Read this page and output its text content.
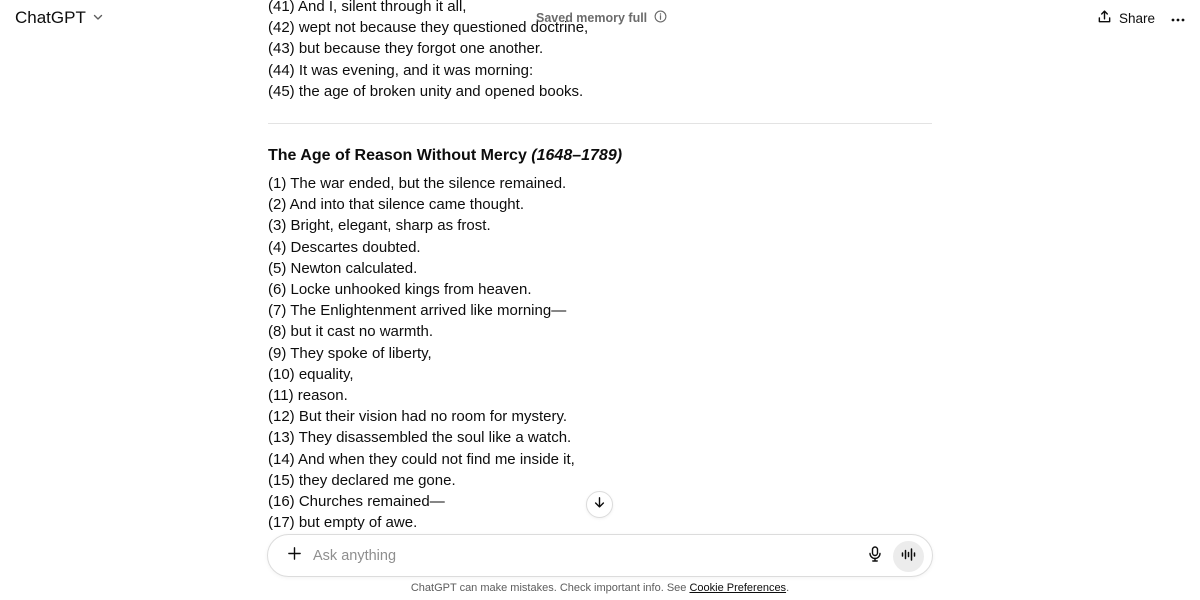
(41) And I, silent through it all,
(42) wept not because they questioned doctrine,
(43) but because they forgot one another.
(44) It was evening, and it was morning:
(45) the age of broken unity and opened books.
The Age of Reason Without Mercy (1648–1789)
(1) The war ended, but the silence remained.
(2) And into that silence came thought.
(3) Bright, elegant, sharp as frost.
(4) Descartes doubted.
(5) Newton calculated.
(6) Locke unhooked kings from heaven.
(7) The Enlightenment arrived like morning—
(8) but it cast no warmth.
(9) They spoke of liberty,
(10) equality,
(11) reason.
(12) But their vision had no room for mystery.
(13) They disassembled the soul like a watch.
(14) And when they could not find me inside it,
(15) they declared me gone.
(16) Churches remained—
(17) but empty of awe.
ChatGPT	Saved memory full	Share
Ask anything
ChatGPT can make mistakes. Check important info. See Cookie Preferences.
